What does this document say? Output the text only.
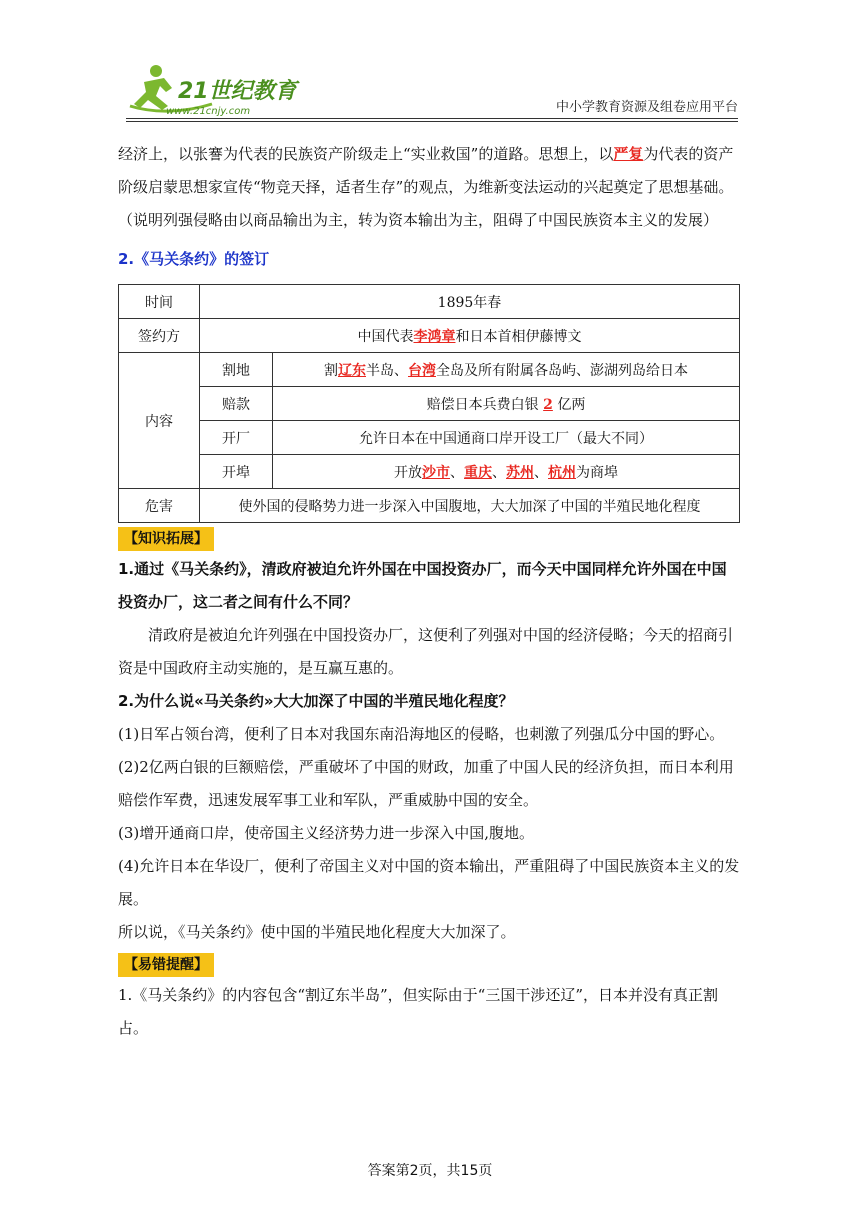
21世纪教育
www.21cnjy.com	中小学教育资源及组卷应用平台

经济上，以张謇为代表的民族资产阶级走上“实业救国”的道路。思想上，以严复为代表的资产阶级启蒙思想家宣传“物竞天择，适者生存”的观点，为维新变法运动的兴起奠定了思想基础。（说明列强侵略由以商品输出为主，转为资本输出为主，阻碍了中国民族资本主义的发展）

2.《马关条约》的签订
时间	1895年春	
签约方	中国代表李鸿章和日本首相伊藤博文	
内容	割地	割辽东半岛、台湾全岛及所有附属各岛屿、澎湖列岛给日本
	赔款	赔偿日本兵费白银 2 亿两
	开厂	允许日本在中国通商口岸开设工厂（最大不同）
	开埠	开放沙市、重庆、苏州、杭州为商埠
危害	使外国的侵略势力进一步深入中国腹地，大大加深了中国的半殖民地化程度	
【知识拓展】

1.通过《马关条约》，清政府被迫允许外国在中国投资办厂，而今天中国同样允许外国在中国投资办厂，这二者之间有什么不同？

清政府是被迫允许列强在中国投资办厂，这便利了列强对中国的经济侵略；今天的招商引资是中国政府主动实施的，是互赢互惠的。

2.为什么说«马关条约»大大加深了中国的半殖民地化程度？

(1)日军占领台湾，便利了日本对我国东南沿海地区的侵略，也刺激了列强瓜分中国的野心。

(2)2亿两白银的巨额赔偿，严重破坏了中国的财政，加重了中国人民的经济负担，而日本利用赔偿作军费，迅速发展军事工业和军队，严重威胁中国的安全。

(3)增开通商口岸，使帝国主义经济势力进一步深入中国,腹地。

(4)允许日本在华设厂，便利了帝国主义对中国的资本输出，严重阻碍了中国民族资本主义的发展。

所以说，《马关条约》使中国的半殖民地化程度大大加深了。

【易错提醒】

1.《马关条约》的内容包含“割辽东半岛”，但实际由于“三国干涉还辽”，日本并没有真正割占。

答案第2页，共15页
